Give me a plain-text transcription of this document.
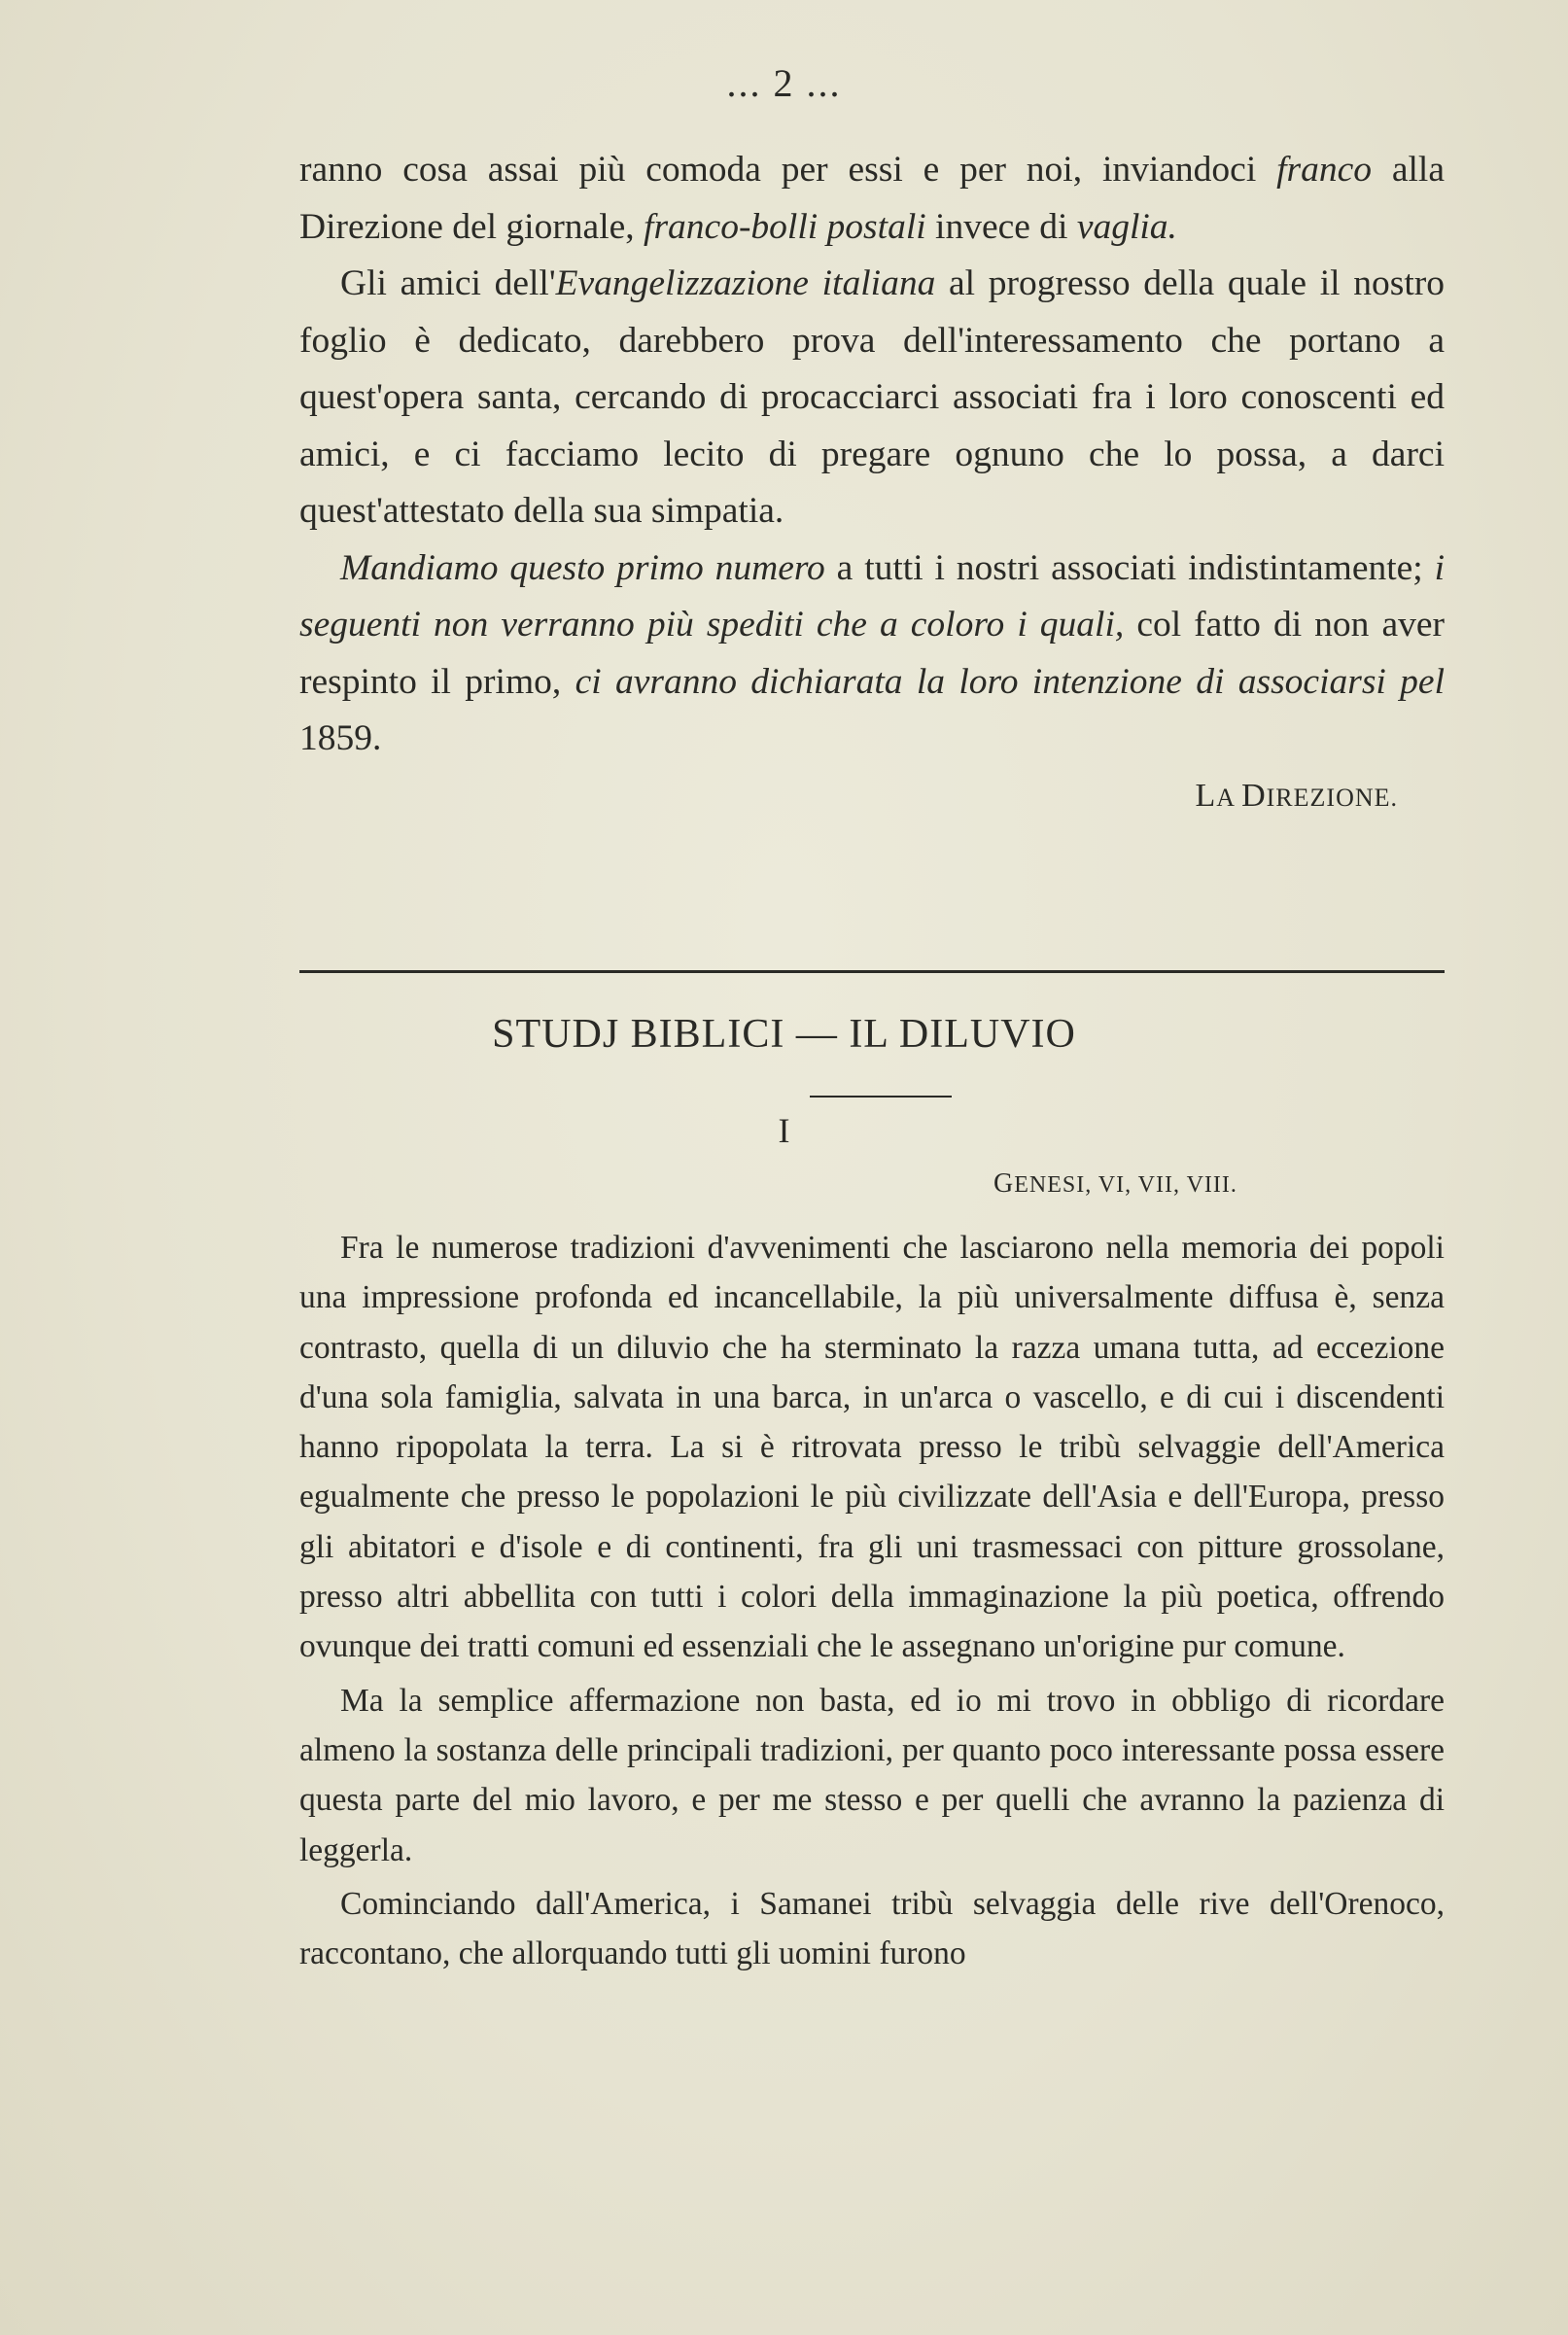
... 2 ...

ranno cosa assai più comoda per essi e per noi, inviandoci franco alla Direzione del giornale, franco-bolli postali invece di vaglia.

Gli amici dell'Evangelizzazione italiana al progresso della quale il nostro foglio è dedicato, darebbero prova dell'interessamento che portano a quest'opera santa, cercando di procacciarci associati fra i loro conoscenti ed amici, e ci facciamo lecito di pregare ognuno che lo possa, a darci quest'attestato della sua simpatia.

Mandiamo questo primo numero a tutti i nostri associati indistintamente; i seguenti non verranno più spediti che a coloro i quali, col fatto di non aver respinto il primo, ci avranno dichiarata la loro intenzione di associarsi pel 1859.

LA DIREZIONE.
STUDJ BIBLICI — IL DILUVIO
I
GENESI, VI, VII, VIII.

Fra le numerose tradizioni d'avvenimenti che lasciarono nella memoria dei popoli una impressione profonda ed incancellabile, la più universalmente diffusa è, senza contrasto, quella di un diluvio che ha sterminato la razza umana tutta, ad eccezione d'una sola famiglia, salvata in una barca, in un'arca o vascello, e di cui i discendenti hanno ripopolata la terra. La si è ritrovata presso le tribù selvaggie dell'America egualmente che presso le popolazioni le più civilizzate dell'Asia e dell'Europa, presso gli abitatori e d'isole e di continenti, fra gli uni trasmessaci con pitture grossolane, presso altri abbellita con tutti i colori della immaginazione la più poetica, offrendo ovunque dei tratti comuni ed essenziali che le assegnano un'origine pur comune.

Ma la semplice affermazione non basta, ed io mi trovo in obbligo di ricordare almeno la sostanza delle principali tradizioni, per quanto poco interessante possa essere questa parte del mio lavoro, e per me stesso e per quelli che avranno la pazienza di leggerla.

Cominciando dall'America, i Samanei tribù selvaggia delle rive dell'Orenoco, raccontano, che allorquando tutti gli uomini furono
